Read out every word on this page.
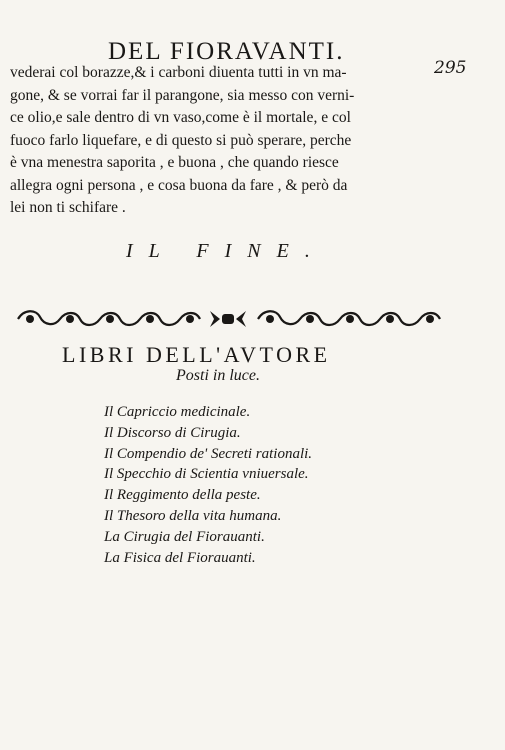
DEL FIORAVANTI.
295
vederai col borazze,& i carboni diuenta tutti in vn ma-
gone, & se vorrai far il parangone, sia messo con verni-
ce olio,e sale dentro di vn vaso,come è il mortale, e col
fuoco farlo liquefare, e di questo si può sperare, perche
è vna menestra saporita , e buona , che quando riesce
allegra ogni persona , e cosa buona da fare , & però da
lei non ti schifare .
IL FINE.
LIBRI DELL'AVTORE
Posti in luce.
Il Capriccio medicinale.
Il Discorso di Cirugia.
Il Compendio de' Secreti rationali.
Il Specchio di Scientia vniuersale.
Il Reggimento della peste.
Il Thesoro della vita humana.
La Cirugia del Fiorauanti.
La Fisica del Fiorauanti.
